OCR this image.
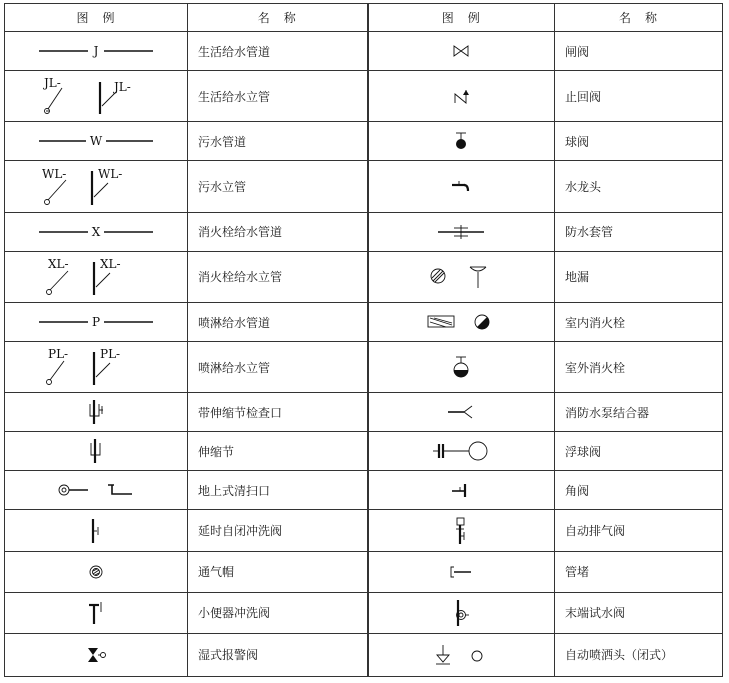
图　例	名　称	图　例	名　称

J	生活给水管道		闸阀

JL- JL-	生活给水立管		止回阀

W	污水管道		球阀

WL- WL-	污水立管		水龙头

X	消火栓给水管道		防水套管

XL- XL-	消火栓给水立管		地漏

P	喷淋给水管道		室内消火栓

PL- PL-	喷淋给水立管		室外消火栓

	带伸缩节检查口		消防水泵结合器

	伸缩节		浮球阀

	地上式清扫口		角阀

	延时自闭冲洗阀		自动排气阀

	通气帽		管堵

	小便器冲洗阀		末端试水阀

	湿式报警阀		自动喷洒头（闭式）
